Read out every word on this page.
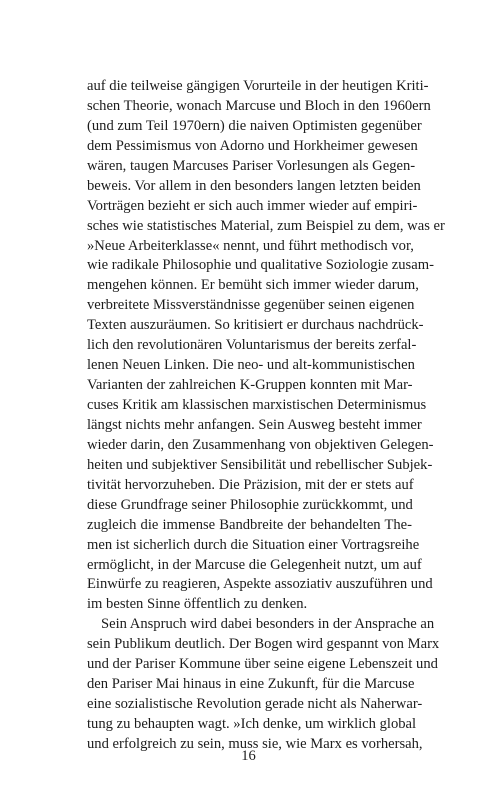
auf die teilweise gängigen Vorurteile in der heutigen Kriti-
schen Theorie, wonach Marcuse und Bloch in den 1960ern
(und zum Teil 1970ern) die naiven Optimisten gegenüber
dem Pessimismus von Adorno und Horkheimer gewesen
wären, taugen Marcuses Pariser Vorlesungen als Gegen-
beweis. Vor allem in den besonders langen letzten beiden
Vorträgen bezieht er sich auch immer wieder auf empiri-
sches wie statistisches Material, zum Beispiel zu dem, was er
»Neue Arbeiterklasse« nennt, und führt methodisch vor,
wie radikale Philosophie und qualitative Soziologie zusam-
mengehen können. Er bemüht sich immer wieder darum,
verbreitete Missverständnisse gegenüber seinen eigenen
Texten auszuräumen. So kritisiert er durchaus nachdrück-
lich den revolutionären Voluntarismus der bereits zerfal-
lenen Neuen Linken. Die neo- und alt-kommunistischen
Varianten der zahlreichen K-Gruppen konnten mit Mar-
cuses Kritik am klassischen marxistischen Determinismus
längst nichts mehr anfangen. Sein Ausweg besteht immer
wieder darin, den Zusammenhang von objektiven Gelegen-
heiten und subjektiver Sensibilität und rebellischer Subjek-
tivität hervorzuheben. Die Präzision, mit der er stets auf
diese Grundfrage seiner Philosophie zurückkommt, und
zugleich die immense Bandbreite der behandelten The-
men ist sicherlich durch die Situation einer Vortragsreihe
ermöglicht, in der Marcuse die Gelegenheit nutzt, um auf
Einwürfe zu reagieren, Aspekte assoziativ auszuführen und
im besten Sinne öffentlich zu denken.
Sein Anspruch wird dabei besonders in der Ansprache an
sein Publikum deutlich. Der Bogen wird gespannt von Marx
und der Pariser Kommune über seine eigene Lebenszeit und
den Pariser Mai hinaus in eine Zukunft, für die Marcuse
eine sozialistische Revolution gerade nicht als Naherwar-
tung zu behaupten wagt. »Ich denke, um wirklich global
und erfolgreich zu sein, muss sie, wie Marx es vorhersah,
16
